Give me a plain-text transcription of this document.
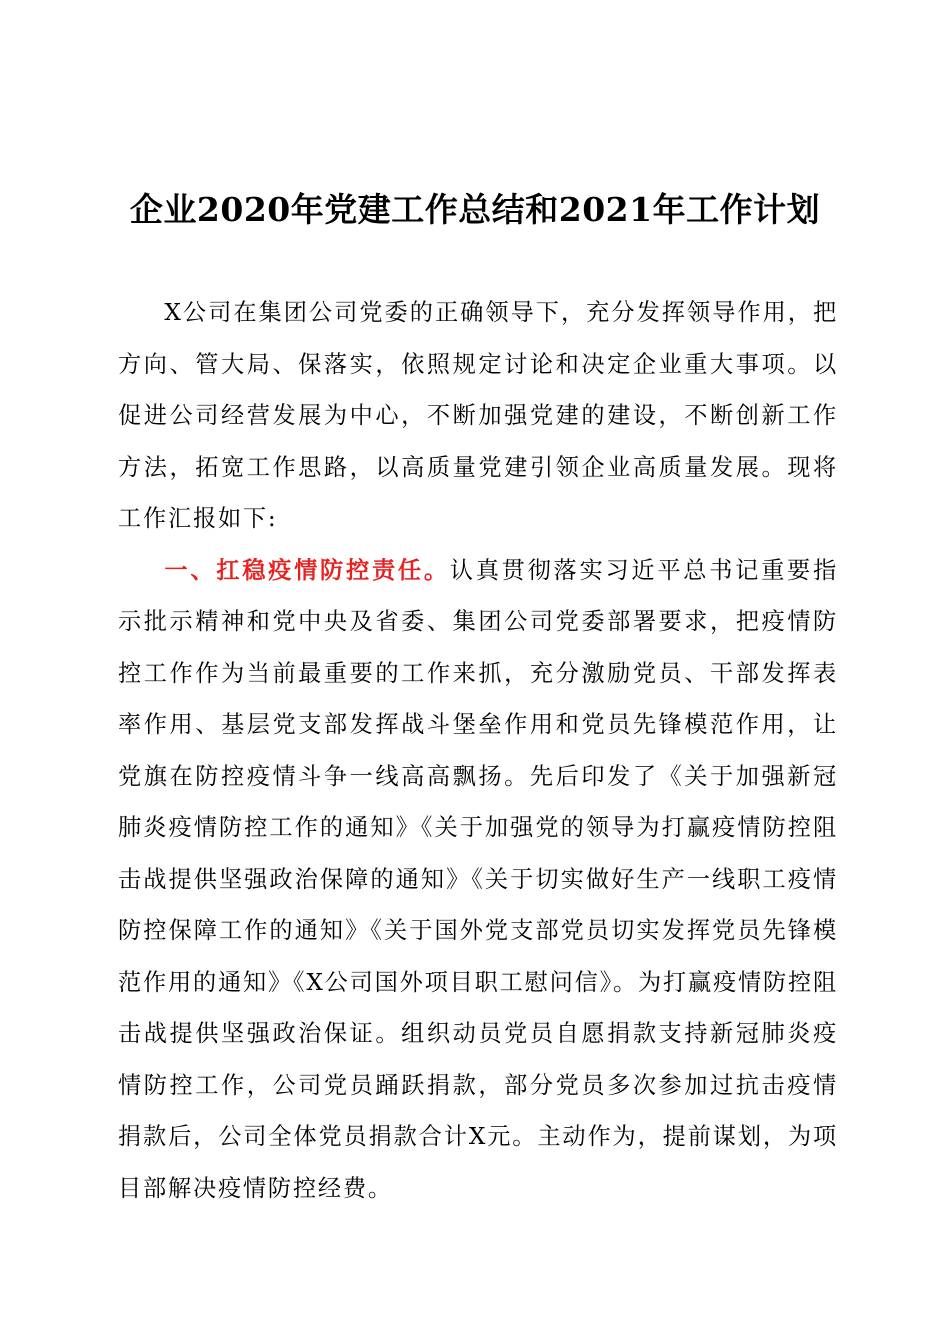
企业2020年党建工作总结和2021年工作计划

X公司在集团公司党委的正确领导下，充分发挥领导作用，把方向、管大局、保落实，依照规定讨论和决定企业重大事项。以促进公司经营发展为中心，不断加强党建的建设，不断创新工作方法，拓宽工作思路，以高质量党建引领企业高质量发展。现将工作汇报如下:

一、扛稳疫情防控责任。认真贯彻落实习近平总书记重要指示批示精神和党中央及省委、集团公司党委部署要求，把疫情防控工作作为当前最重要的工作来抓，充分激励党员、干部发挥表率作用、基层党支部发挥战斗堡垒作用和党员先锋模范作用，让党旗在防控疫情斗争一线高高飘扬。先后印发了《关于加强新冠肺炎疫情防控工作的通知》《关于加强党的领导为打赢疫情防控阻击战提供坚强政治保障的通知》《关于切实做好生产一线职工疫情防控保障工作的通知》《关于国外党支部党员切实发挥党员先锋模范作用的通知》《X公司国外项目职工慰问信》。为打赢疫情防控阻击战提供坚强政治保证。组织动员党员自愿捐款支持新冠肺炎疫情防控工作，公司党员踊跃捐款，部分党员多次参加过抗击疫情捐款后，公司全体党员捐款合计X元。主动作为，提前谋划，为项目部解决疫情防控经费。
